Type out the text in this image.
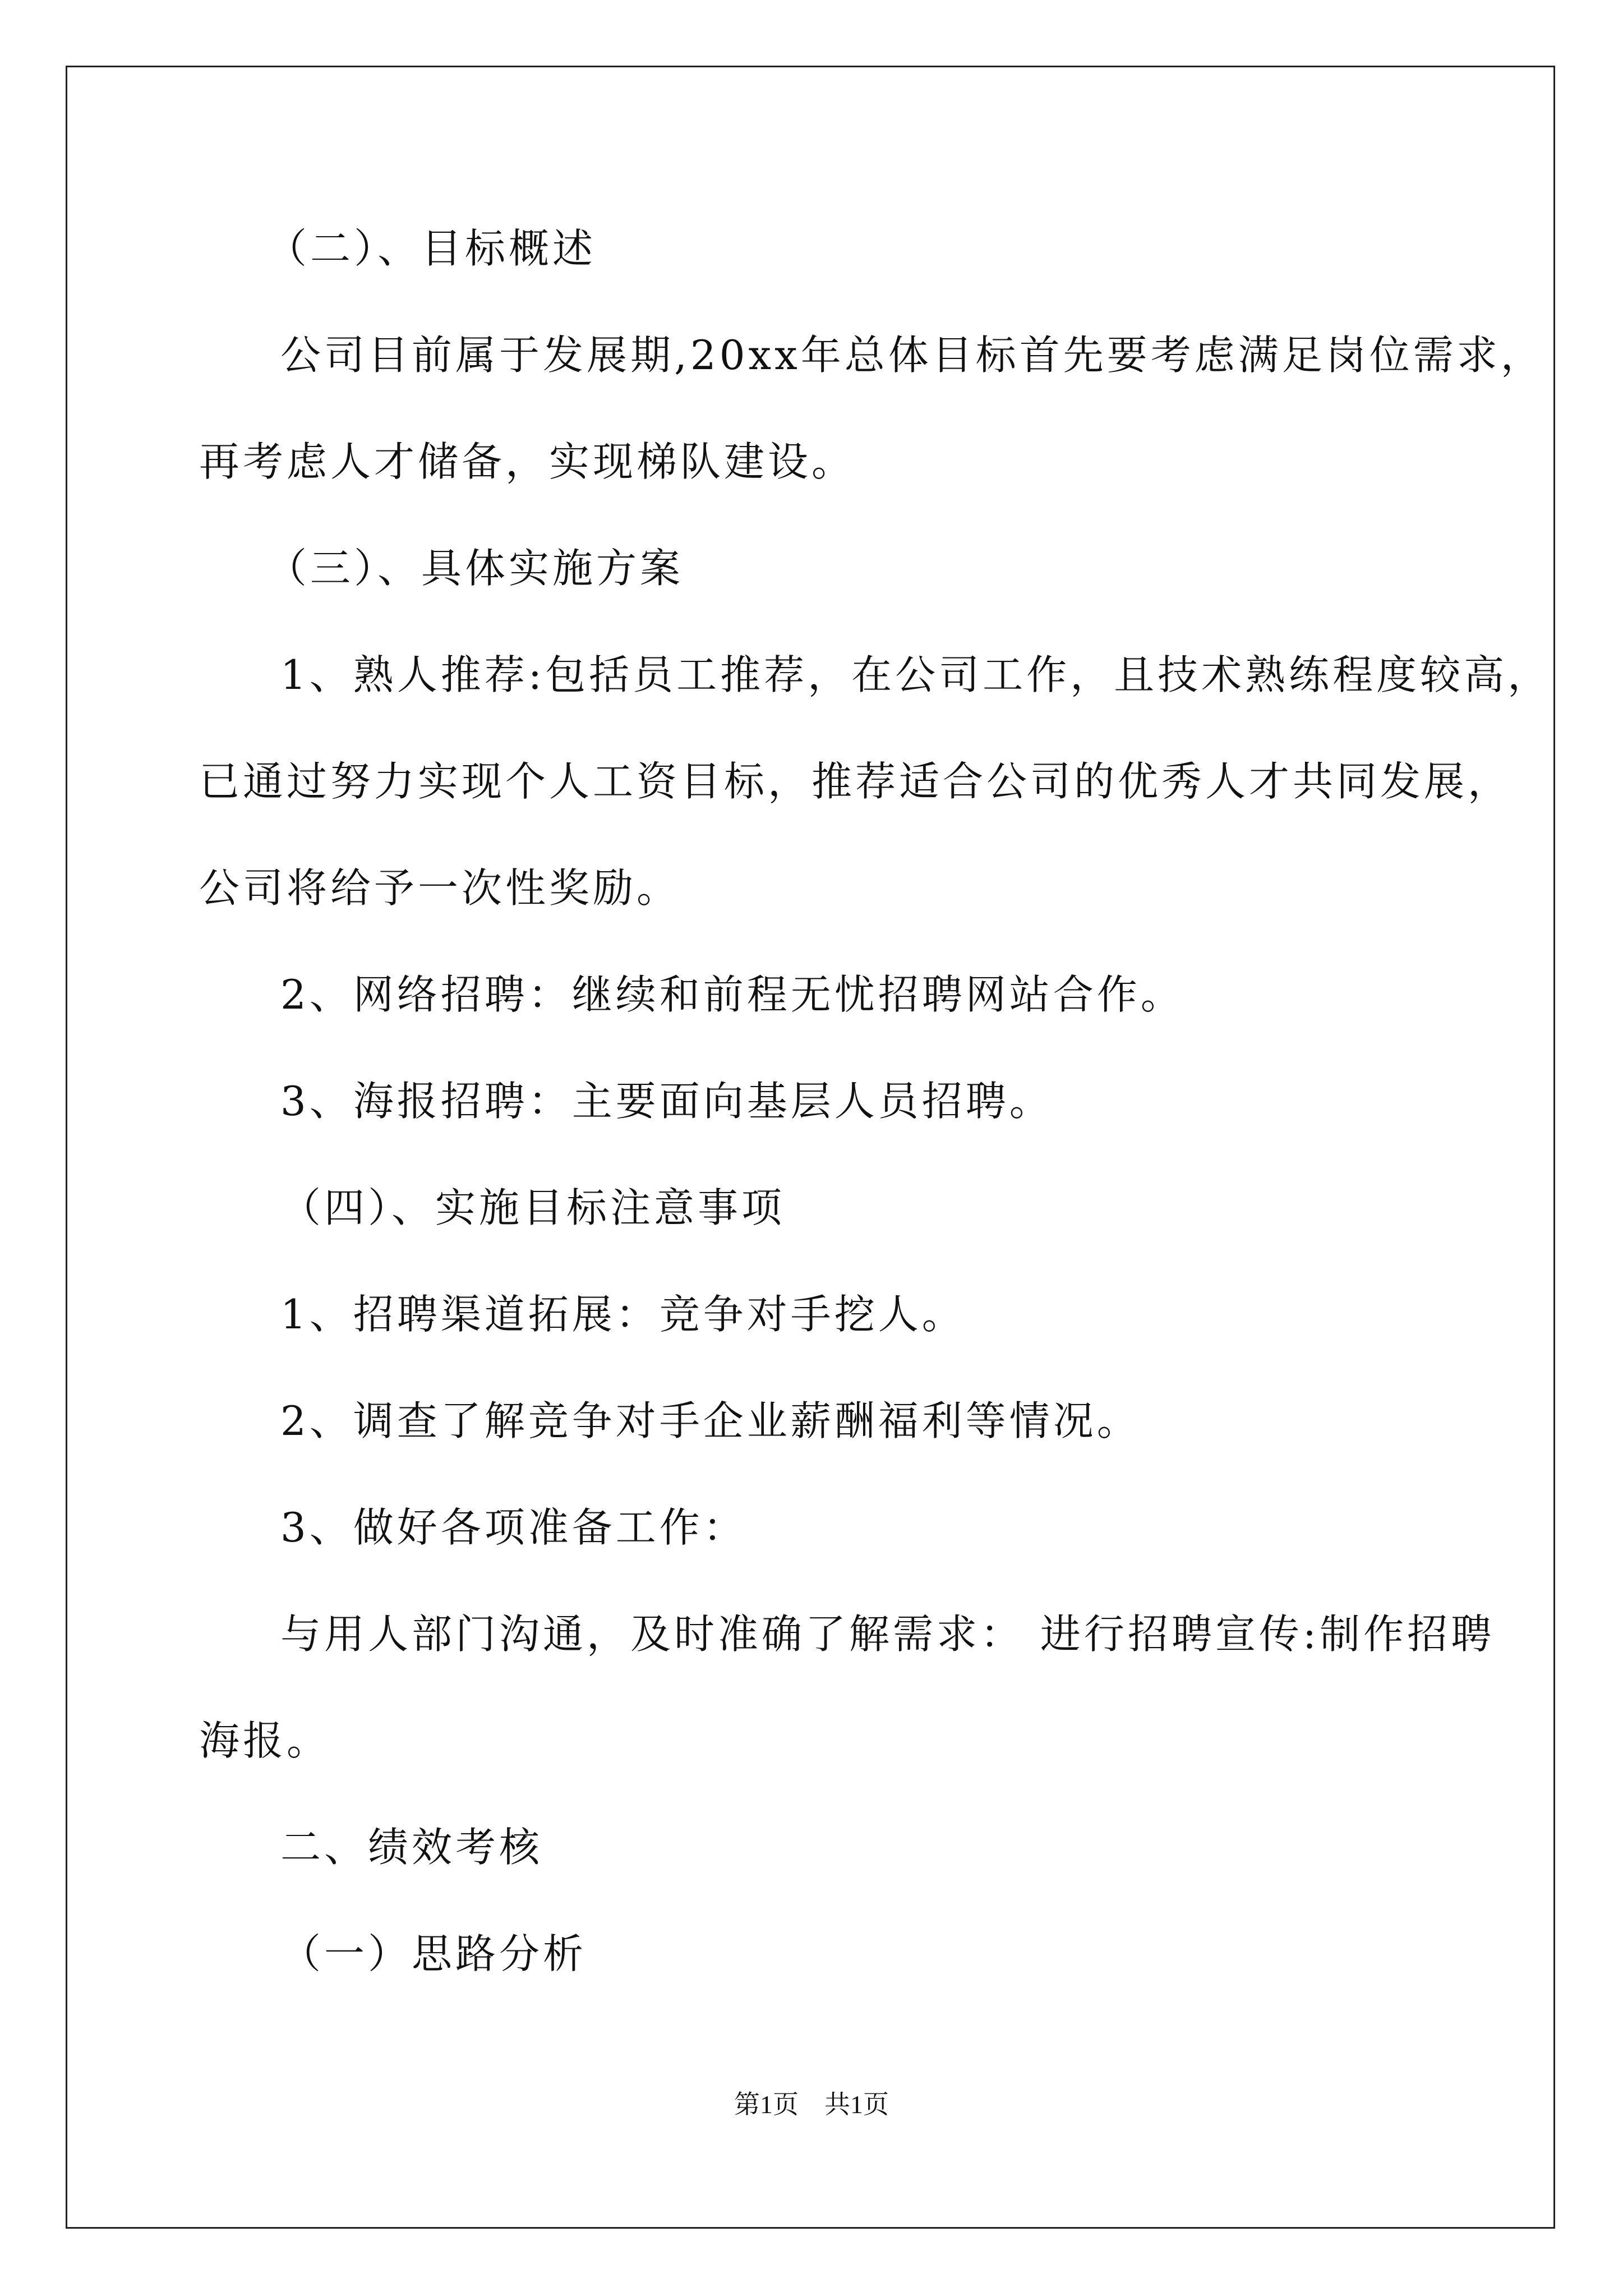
（二）、目标概述

公司目前属于发展期,20xx年总体目标首先要考虑满足岗位需求，

再考虑人才储备，实现梯队建设。

（三）、具体实施方案

1、熟人推荐:包括员工推荐，在公司工作，且技术熟练程度较高，

已通过努力实现个人工资目标，推荐适合公司的优秀人才共同发展，

公司将给予一次性奖励。

2、网络招聘：继续和前程无忧招聘网站合作。

3、海报招聘：主要面向基层人员招聘。

（四）、实施目标注意事项

1、招聘渠道拓展：竞争对手挖人。

2、调查了解竞争对手企业薪酬福利等情况。

3、做好各项准备工作：

与用人部门沟通，及时准确了解需求： 进行招聘宣传:制作招聘

海报。

二、绩效考核

（一）思路分析

第1页　共1页
